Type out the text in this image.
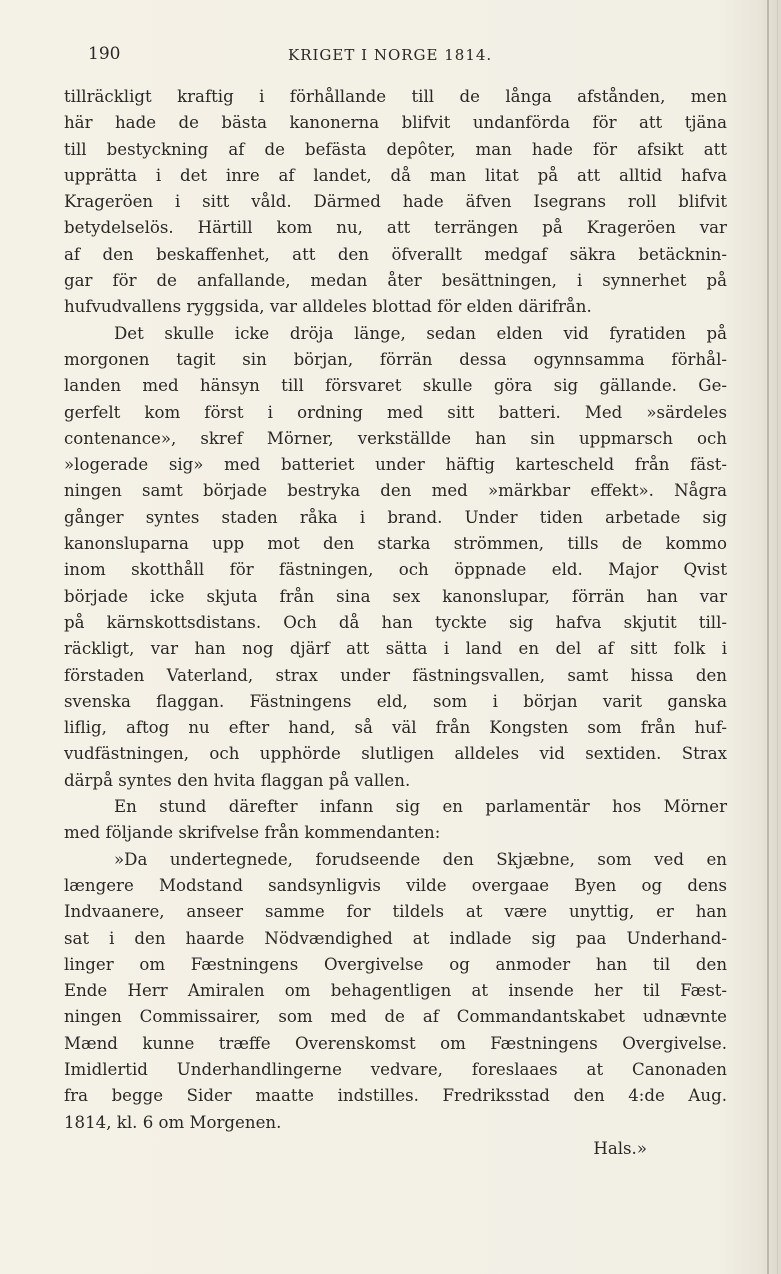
190	KRIGET I NORGE 1814.
tillräckligt kraftig i förhållande till de långa afstånden, men
här hade de bästa kanonerna blifvit undanförda för att tjäna
till bestyckning af de befästa depôter, man hade för afsikt att
upprätta i det inre af landet, då man litat på att alltid hafva
Krageröen i sitt våld. Därmed hade äfven Isegrans roll blifvit
betydelselös. Härtill kom nu, att terrängen på Krageröen var
af den beskaffenhet, att den öfverallt medgaf säkra betäcknin-
gar för de anfallande, medan åter besättningen, i synnerhet på
hufvudvallens ryggsida, var alldeles blottad för elden därifrån.
Det skulle icke dröja länge, sedan elden vid fyratiden på
morgonen tagit sin början, förrän dessa ogynnsamma förhål-
landen med hänsyn till försvaret skulle göra sig gällande. Ge-
gerfelt kom först i ordning med sitt batteri. Med »särdeles
contenance», skref Mörner, verkställde han sin uppmarsch och
»logerade sig» med batteriet under häftig kartescheld från fäst-
ningen samt började bestryka den med »märkbar effekt». Några
gånger syntes staden råka i brand. Under tiden arbetade sig
kanonsluparna upp mot den starka strömmen, tills de kommo
inom skotthåll för fästningen, och öppnade eld. Major Qvist
började icke skjuta från sina sex kanonslupar, förrän han var
på kärnskottsdistans. Och då han tyckte sig hafva skjutit till-
räckligt, var han nog djärf att sätta i land en del af sitt folk i
förstaden Vaterland, strax under fästningsvallen, samt hissa den
svenska flaggan. Fästningens eld, som i början varit ganska
liflig, aftog nu efter hand, så väl från Kongsten som från huf-
vudfästningen, och upphörde slutligen alldeles vid sextiden. Strax
därpå syntes den hvita flaggan på vallen.
En stund därefter infann sig en parlamentär hos Mörner
med följande skrifvelse från kommendanten:
»Da undertegnede, forudseende den Skjæbne, som ved en
længere Modstand sandsynligvis vilde overgaae Byen og dens
Indvaanere, anseer samme for tildels at være unyttig, er han
sat i den haarde Nödvændighed at indlade sig paa Underhand-
linger om Fæstningens Overgivelse og anmoder han til den
Ende Herr Amiralen om behagentligen at insende her til Fæst-
ningen Commissairer, som med de af Commandantskabet udnævnte
Mænd kunne træffe Overenskomst om Fæstningens Overgivelse.
Imidlertid Underhandlingerne vedvare, foreslaaes at Canonaden
fra begge Sider maatte indstilles. Fredriksstad den 4:de Aug.
1814, kl. 6 om Morgenen.
Hals.»
